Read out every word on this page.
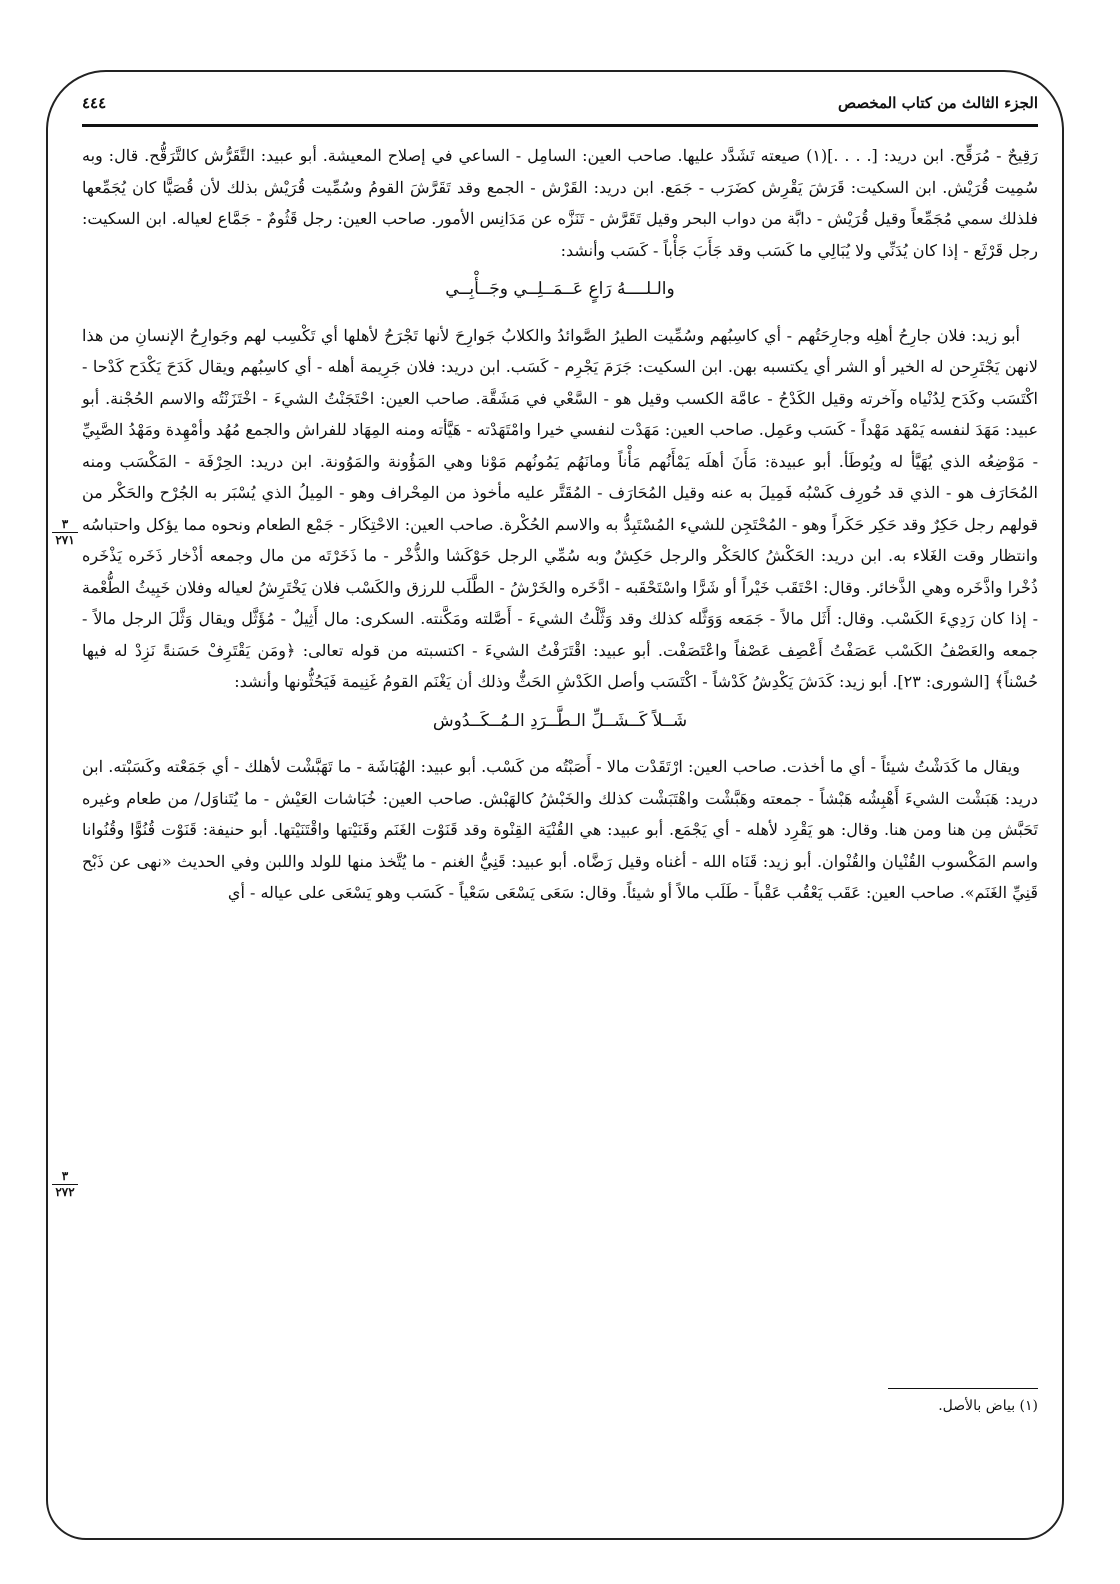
الجزء الثالث من كتاب المخصص
٤٤٤
٣
٢٧١
٣
٢٧٢

رَقِيحٌ - مُرَقِّح. ابن دريد: [. . . .](١) صيعته تَشَدَّد عليها. صاحب العين: السامِل - الساعي في إصلاح المعيشة. أبو عبيد: التَّقَرُّش كالتَّرَقُّح. قال: وبه سُمِيت قُرَيْش. ابن السكيت: قَرَشَ يَقْرِش كضَرَب - جَمَع. ابن دريد: القَرْش - الجمع وقد تَقَرَّشَ القومُ وسُمِّيت قُرَيْش بذلك لأن قُصَيًّا كان يُجَمِّعها فلذلك سمي مُجَمِّعاً وقيل قُرَيْش - دابَّة من دواب البحر وقيل تَقَرَّش - تَنَزَّه عن مَدَانِس الأمور. صاحب العين: رجل قَثُومٌ - جَمَّاع لعياله. ابن السكيت: رجل قَرْثَع - إذا كان يُدَنِّي ولا يُبَالِي ما كَسَب وقد جَأَبَ جَأْباً - كَسَب وأنشد:

والـلــــهُ رَاعٍ عَــمَــلِــي وجَــأْبِــي

أبو زيد: فلان جارِحُ أهلِه وجارِحَتُهم - أي كاسِبُهم وسُمِّيت الطيرُ الصَّوائدُ والكلابُ جَوارِحَ لأنها تَجْرَحُ لأهلها أي تَكْسِب لهم وجَوارِحُ الإنسانِ من هذا لانهن يَجْتَرِحن له الخير أو الشر أي يكتسبه بهن. ابن السكيت: جَرَمَ يَجْرِم - كَسَب. ابن دريد: فلان جَرِيمة أهله - أي كاسِبُهم ويقال كَدَحَ يَكْدَح كَدْحا - اكْتَسَب وكَدَح لِدُنْياه وآخرته وقيل الكَدْحُ - عامَّة الكسب وقيل هو - السَّعْي في مَشَقَّة. صاحب العين: احْتَجَنْتُ الشيءَ - اخْتَزَنْتُه والاسم الحُجْنة. أبو عبيد: مَهَدَ لنفسه يَمْهَد مَهْداً - كَسَب وعَمِل. صاحب العين: مَهَدْت لنفسي خيرا وامْتَهَدْته - هَيَّأته ومنه المِهَاد للفراش والجمع مُهُد وأمْهِدة ومَهْدُ الصَّبِيِّ - مَوْضِعُه الذي يُهَيَّأ له ويُوطَأ. أبو عبيدة: مَأَنَ أهلَه يَمْأَنُهم مَأْناً ومانَهُم يَمُونُهم مَوْنا وهي المَؤُونة والمَوُونة. ابن دريد: الحِرْفَة - المَكْسَب ومنه المُحَارَف هو - الذي قد حُورِف كَسْبُه فَمِيلَ به عنه وقيل المُحَارَف - المُقَتَّر عليه مأخوذ من المِحْراف وهو - المِيلُ الذي يُسْبَر به الجُرْح والحَكْر من قولهم رجل حَكِرٌ وقد حَكِر حَكَراً وهو - المُحْتَجِن للشيء المُسْتَبِدُّ به والاسم الحُكْرة. صاحب العين: الاحْتِكَار - جَمْع الطعام ونحوه مما يؤكل واحتباسُه وانتظار وقت الغَلاء به. ابن دريد: الحَكْشُ كالحَكْر والرجل حَكِشٌ وبه سُمِّي الرجل حَوْكَشا والذُّخْر - ما ذَخَرْتَه من مال وجمعه أذْخار ذَخَره يَذْخَره ذُخْرا واذَّخَره وهي الذَّخائر. وقال: احْتَقَب خَيْراً أو شَرًّا واسْتَحْقَبه - ادَّخَره والخَرْشُ - الطَّلَب للرزق والكَسْب فلان يَخْتَرِشُ لعياله وفلان خَبِيثُ الطُّعْمة - إذا كان رَدِيءَ الكَسْب. وقال: أَثَل مالاً - جَمَعه وَوَثَّله كذلك وقد وَثَّلْتُ الشيءَ - أَصَّلته ومَكَّنته. السكرى: مال أَثِيلٌ - مُؤَثَّل ويقال وَثَّلَ الرجل مالاً - جمعه والعَصْفُ الكَسْب عَصَفْتُ أَعْصِف عَصْفاً واعْتَصَفْت. أبو عبيد: اقْتَرَفْتُ الشيءَ - اكتسبته من قوله تعالى: ﴿ومَن يَقْتَرِفْ حَسَنةً نَزِدْ له فيها حُسْناً﴾ [الشورى: ٢٣]. أبو زيد: كَدَشَ يَكْدِشُ كَدْشاً - اكْتَسَب وأصل الكَدْشِ الحَثُّ وذلك أن يَغْنَم القومُ غَنِيمة فَيَحُثُّونها وأنشد:

شَــلاً كَــشَــلِّ الـطَّــرَدِ الـمُــكَــدُوش

ويقال ما كَدَشْتُ شيئاً - أي ما أخذت. صاحب العين: ارْتَقَدْت مالا - أَصَبْتُه من كَسْب. أبو عبيد: الهُبَاشَة - ما تَهَبَّشْت لأهلك - أي جَمَعْته وكَسَبْته. ابن دريد: هَبَشْت الشيءَ أَهْبِشُه هَبْشاً - جمعته وهَبَّشْت واهْتَبَشْت كذلك والخَبْشُ كالهَبْش. صاحب العين: خُبَاشات العَيْش - ما يُتَناوَل/ من طعام وغيره تَحَبَّش مِن هنا ومن هنا. وقال: هو يَقْرِد لأهله - أي يَجْمَع. أبو عبيد: هي القُنْيَة القِنْوة وقد قَنَوْت الغَنَم وقَنَيْتها واقْتَنَيْتها. أبو حنيفة: قَنَوْت قُنُوًّا وقُنُوانا واسم المَكْسوب القُنْيان والقُنْوان. أبو زيد: قَنَاه الله - أغناه وقيل رَضَّاه. أبو عبيد: قَنِيُّ الغنم - ما يُتَّخذ منها للولد واللبن وفي الحديث «نهى عن ذَبْح قَنِيِّ الغَنَم». صاحب العين: عَقَب يَعْقُب عَقْباً - طَلَب مالاً أو شيئاً. وقال: سَعَى يَسْعَى سَعْياً - كَسَب وهو يَسْعَى على عياله - أي

(١) بياض بالأصل.
